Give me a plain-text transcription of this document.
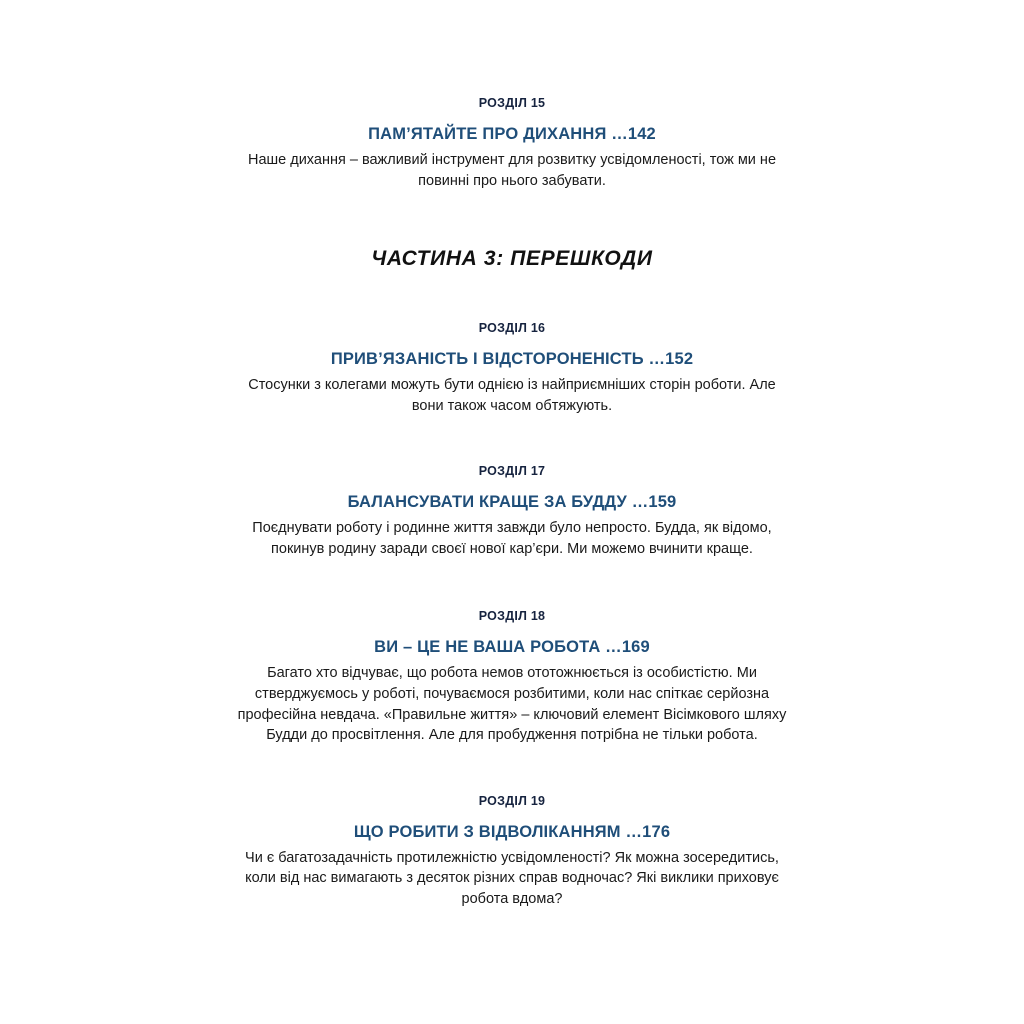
РОЗДІЛ 15
ПАМ’ЯТАЙТЕ ПРО ДИХАННЯ …142

Наше дихання – важливий інструмент для розвитку усвідомленості, тож ми не повинні про нього забувати.

ЧАСТИНА 3: ПЕРЕШКОДИ
РОЗДІЛ 16
ПРИВ’ЯЗАНІСТЬ І ВІДСТОРОНЕНІСТЬ …152

Стосунки з колегами можуть бути однією із найприємніших сторін роботи. Але вони також часом обтяжують.

РОЗДІЛ 17
БАЛАНСУВАТИ КРАЩЕ ЗА БУДДУ …159

Поєднувати роботу і родинне життя завжди було непросто. Будда, як відомо, покинув родину заради своєї нової кар’єри. Ми можемо вчинити краще.

РОЗДІЛ 18
ВИ – ЦЕ НЕ ВАША РОБОТА …169

Багато хто відчуває, що робота немов ототожнюється із особистістю. Ми стверджуємось у роботі, почуваємося розбитими, коли нас спіткає серйозна професійна невдача. «Правильне життя» – ключовий елемент Вісімкового шляху Будди до просвітлення. Але для пробудження потрібна не тільки робота.

РОЗДІЛ 19
ЩО РОБИТИ З ВІДВОЛІКАННЯМ …176

Чи є багатозадачність протилежністю усвідомленості? Як можна зосередитись, коли від нас вимагають з десяток різних справ водночас? Які виклики приховує робота вдома?
